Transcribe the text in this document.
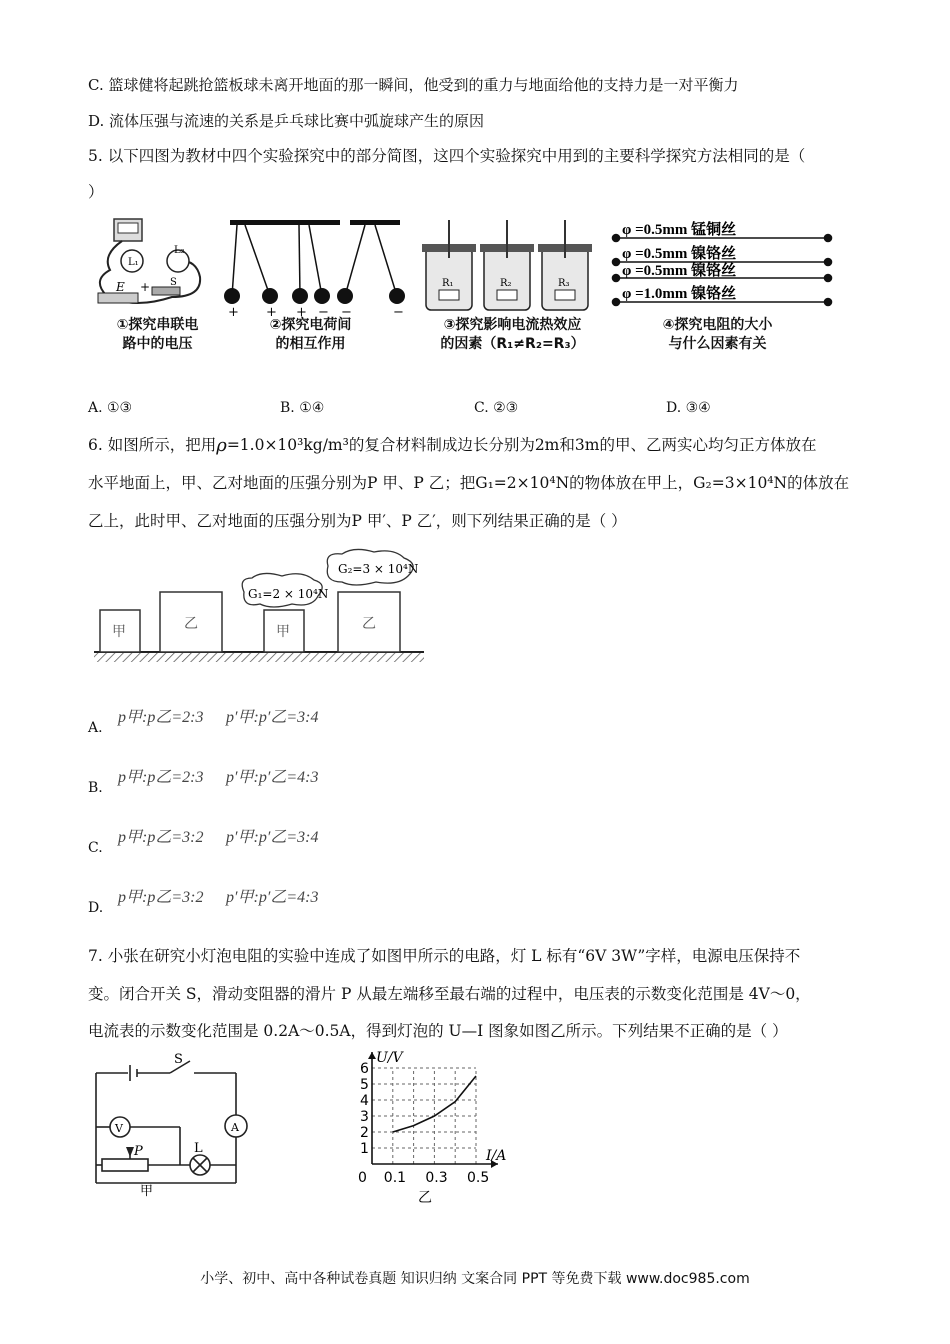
C. 篮球健将起跳抢篮板球未离开地面的那一瞬间，他受到的重力与地面给他的支持力是一对平衡力
D. 流体压强与流速的关系是乒乓球比赛中弧旋球产生的原因
5. 以下四图为教材中四个实验探究中的部分简图，这四个实验探究中用到的主要科学探究方法相同的是（
）
L₁
L₂
E + S
①探究串联电
路中的电压
+ + + − −	−
②探究电荷间
的相互作用
R₁	R₂	R₃
③探究影响电流热效应
的因素（R₁≠R₂=R₃）
φ =0.5mm 锰铜丝
φ =0.5mm 镍铬丝
φ =0.5mm 镍铬丝
φ =1.0mm 镍铬丝
④探究电阻的大小
与什么因素有关
A. ①③	B. ①④	C. ②③	D. ③④
6. 如图所示，把用ρ=1.0×10³kg/m³的复合材料制成边长分别为2m和3m的甲、乙两实心均匀正方体放在
水平地面上，甲、乙对地面的压强分别为P 甲、P 乙；把G₁=2×10⁴N的物体放在甲上，G₂=3×10⁴N的体放在
乙上，此时甲、乙对地面的压强分别为P 甲′、P 乙′，则下列结果正确的是（ ）
甲	乙	甲	乙
G₁=2 × 10⁴N
G₂=3 × 10⁴N
A.
p甲:p乙=2:3 p′甲:p′乙=3:4
B.
p甲:p乙=2:3 p′甲:p′乙=4:3
C.
p甲:p乙=3:2 p′甲:p′乙=3:4
D.
p甲:p乙=3:2 p′甲:p′乙=4:3
7. 小张在研究小灯泡电阻的实验中连成了如图甲所示的电路，灯 L 标有“6V 3W”字样，电源电压保持不
变。闭合开关 S，滑动变阻器的滑片 P 从最左端移至最右端的过程中，电压表的示数变化范围是 4V～0，
电流表的示数变化范围是 0.2A～0.5A，得到灯泡的 U—I 图象如图乙所示。下列结果不正确的是（ ）
S
V	A
P	L
甲
1
2
3
4
5
6
0 0.1 0.3 0.5
U/V
I/A
乙
小学、初中、高中各种试卷真题 知识归纳 文案合同 PPT 等免费下载 www.doc985.com
